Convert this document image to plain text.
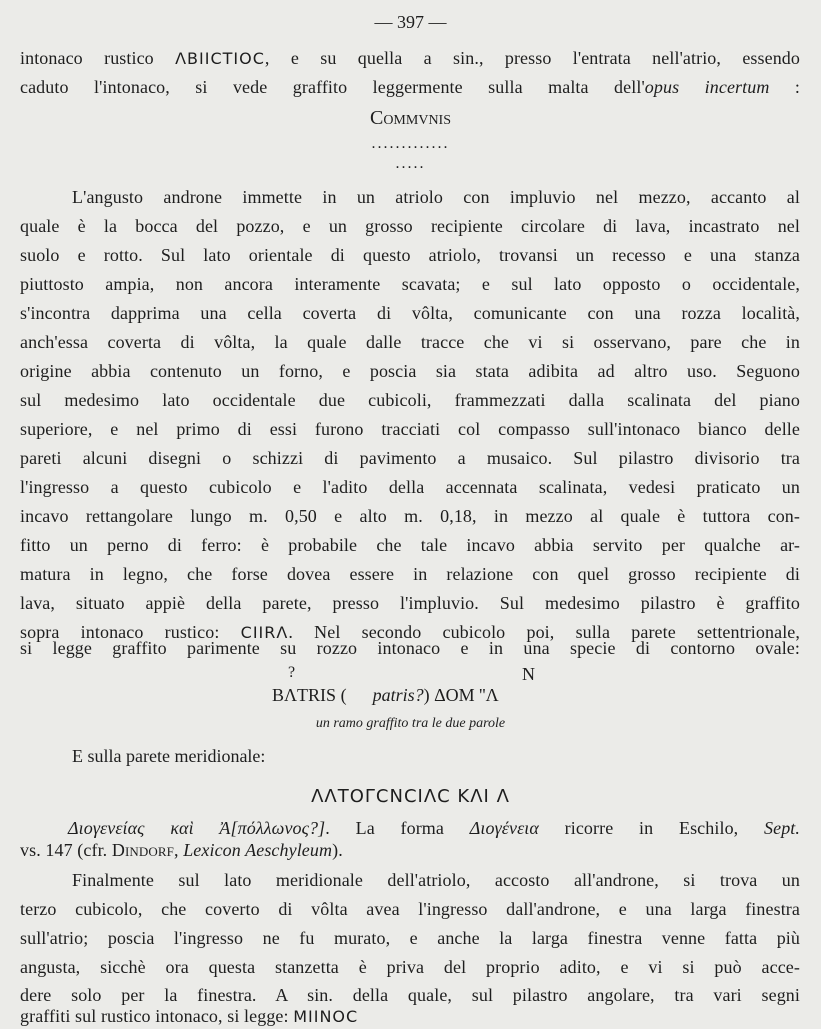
— 397 —
intonaco rustico ΛBIICTIOC, e su quella a sin., presso l'entrata nell'atrio, essendo
caduto l'intonaco, si vede graffito leggermente sulla malta dell'opus incertum :
Commvnis
.............
.....
L'angusto androne immette in un atriolo con impluvio nel mezzo, accanto al
quale è la bocca del pozzo, e un grosso recipiente circolare di lava, incastrato nel
suolo e rotto. Sul lato orientale di questo atriolo, trovansi un recesso e una stanza
piuttosto ampia, non ancora interamente scavata; e sul lato opposto o occidentale,
s'incontra dapprima una cella coverta di vôlta, comunicante con una rozza località,
anch'essa coverta di vôlta, la quale dalle tracce che vi si osservano, pare che in
origine abbia contenuto un forno, e poscia sia stata adibita ad altro uso. Seguono
sul medesimo lato occidentale due cubicoli, frammezzati dalla scalinata del piano
superiore, e nel primo di essi furono tracciati col compasso sull'intonaco bianco delle
pareti alcuni disegni o schizzi di pavimento a musaico. Sul pilastro divisorio tra
l'ingresso a questo cubicolo e l'adito della accennata scalinata, vedesi praticato un
incavo rettangolare lungo m. 0,50 e alto m. 0,18, in mezzo al quale è tuttora con-
fitto un perno di ferro: è probabile che tale incavo abbia servito per qualche ar-
matura in legno, che forse dovea essere in relazione con quel grosso recipiente di
lava, situato appiè della parete, presso l'impluvio. Sul medesimo pilastro è graffito
sopra intonaco rustico: CIIRΛ. Nel secondo cubicolo poi, sulla parete settentrionale,
si legge graffito parimente su rozzo intonaco e in una specie di contorno ovale:
?	N
BΛTRIS ( patris?) ΔOM ''Λ
un ramo graffito tra le due parole
E sulla parete meridionale:
ΛΛTOΓCNCIΛC KΛI Λ
Διογενείας καὶ Ἀ[πόλλωνος?]. La forma Διογένεια ricorre in Eschilo, Sept.
vs. 147 (cfr. Dindorf, Lexicon Aeschyleum).
Finalmente sul lato meridionale dell'atriolo, accosto all'androne, si trova un
terzo cubicolo, che coverto di vôlta avea l'ingresso dall'androne, e una larga finestra
sull'atrio; poscia l'ingresso ne fu murato, e anche la larga finestra venne fatta più
angusta, sicchè ora questa stanzetta è priva del proprio adito, e vi si può acce-
dere solo per la finestra. A sin. della quale, sul pilastro angolare, tra vari segni
graffiti sul rustico intonaco, si legge: MIINOC
